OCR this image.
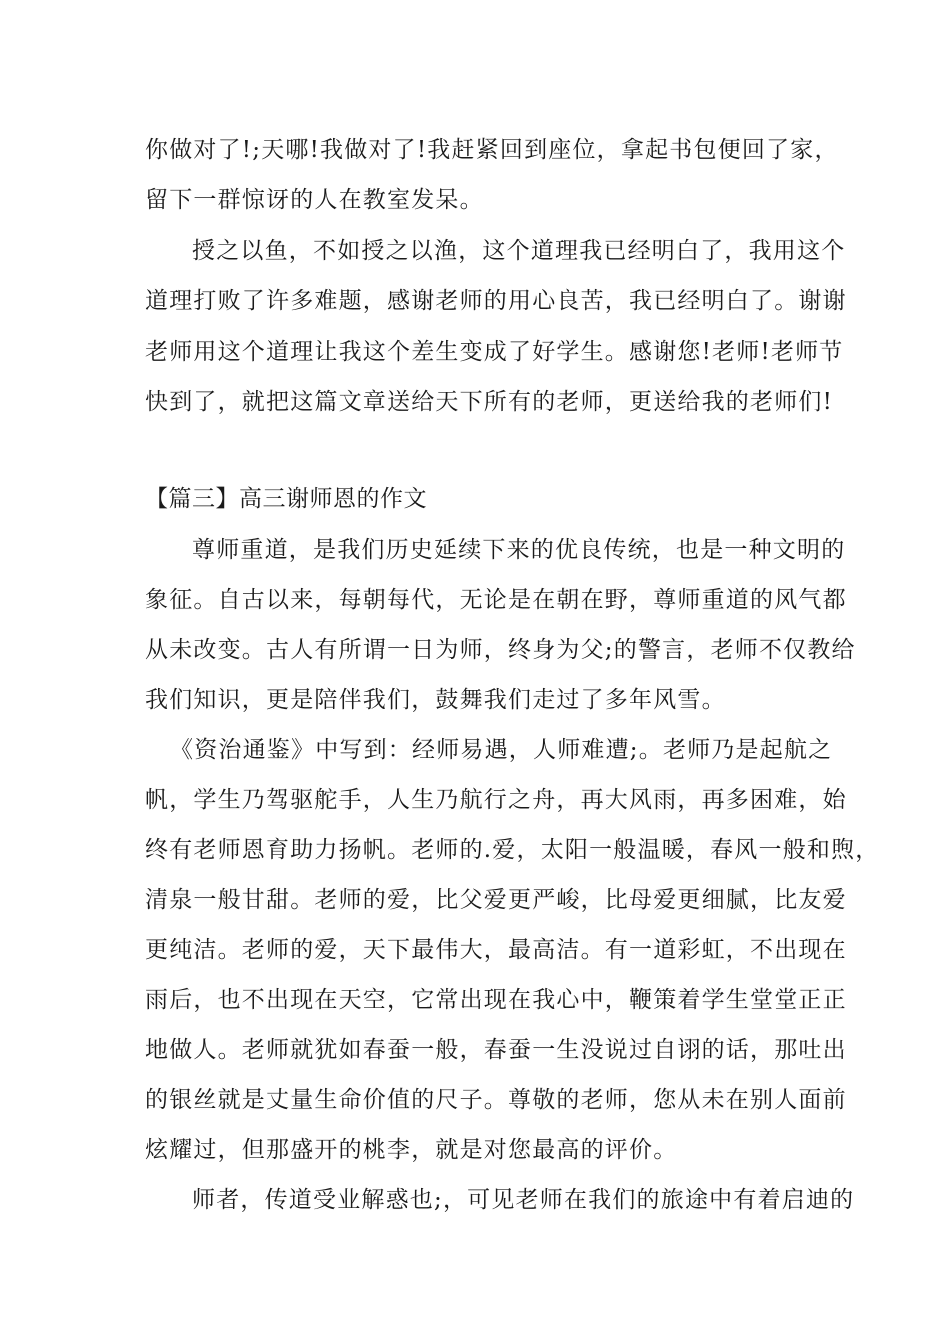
你做对了!;天哪!我做对了!我赶紧回到座位，拿起书包便回了家，
留下一群惊讶的人在教室发呆。
授之以鱼，不如授之以渔，这个道理我已经明白了，我用这个
道理打败了许多难题，感谢老师的用心良苦，我已经明白了。谢谢
老师用这个道理让我这个差生变成了好学生。感谢您!老师!老师节
快到了，就把这篇文章送给天下所有的老师，更送给我的老师们!
【篇三】高三谢师恩的作文
尊师重道，是我们历史延续下来的优良传统，也是一种文明的
象征。自古以来，每朝每代，无论是在朝在野，尊师重道的风气都
从未改变。古人有所谓一日为师，终身为父;的警言，老师不仅教给
我们知识，更是陪伴我们，鼓舞我们走过了多年风雪。
《资治通鉴》中写到：经师易遇，人师难遭;。老师乃是起航之
帆，学生乃驾驱舵手，人生乃航行之舟，再大风雨，再多困难，始
终有老师恩育助力扬帆。老师的.爱，太阳一般温暖，春风一般和煦，
清泉一般甘甜。老师的爱，比父爱更严峻，比母爱更细腻，比友爱
更纯洁。老师的爱，天下最伟大，最高洁。有一道彩虹，不出现在
雨后，也不出现在天空，它常出现在我心中，鞭策着学生堂堂正正
地做人。老师就犹如春蚕一般，春蚕一生没说过自诩的话，那吐出
的银丝就是丈量生命价值的尺子。尊敬的老师，您从未在别人面前
炫耀过，但那盛开的桃李，就是对您最高的评价。
师者，传道受业解惑也;，可见老师在我们的旅途中有着启迪的
